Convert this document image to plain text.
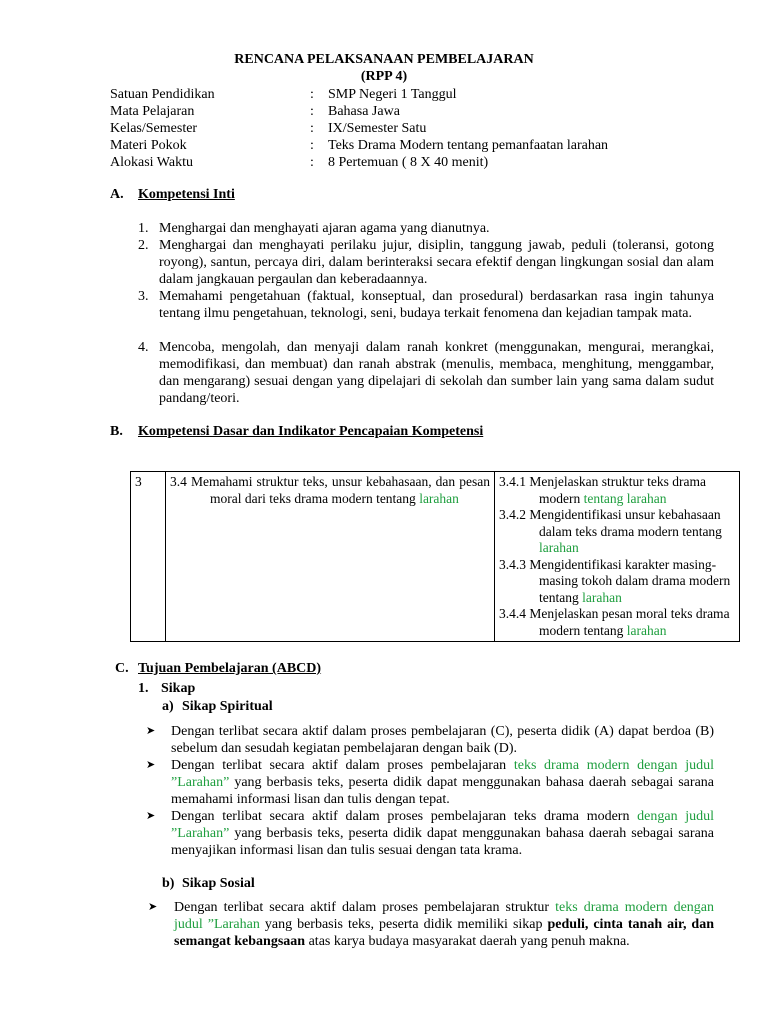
RENCANA PELAKSANAAN PEMBELAJARAN
(RPP 4)
Satuan Pendidikan	: SMP Negeri 1 Tanggul
Mata Pelajaran	: Bahasa Jawa
Kelas/Semester	: IX/Semester Satu
Materi Pokok	: Teks Drama Modern tentang pemanfaatan larahan
Alokasi Waktu	: 8 Pertemuan ( 8 X 40 menit)
A. Kompetensi Inti
1. Menghargai dan menghayati ajaran agama yang dianutnya.
2. Menghargai dan menghayati perilaku jujur, disiplin, tanggung jawab, peduli (toleransi, gotong royong), santun, percaya diri, dalam berinteraksi secara efektif dengan lingkungan sosial dan alam dalam jangkauan pergaulan dan keberadaannya.
3. Memahami pengetahuan (faktual, konseptual, dan prosedural) berdasarkan rasa ingin tahunya tentang ilmu pengetahuan, teknologi, seni, budaya terkait fenomena dan kejadian tampak mata.
4. Mencoba, mengolah, dan menyaji dalam ranah konkret (menggunakan, mengurai, merangkai, memodifikasi, dan membuat) dan ranah abstrak (menulis, membaca, menghitung, menggambar, dan mengarang) sesuai dengan yang dipelajari di sekolah dan sumber lain yang sama dalam sudut pandang/teori.
B. Kompetensi Dasar dan Indikator Pencapaian Kompetensi
3	3.4 Memahami struktur teks, unsur kebahasaan, dan pesan moral dari teks drama modern tentang larahan

3.4.1 Menjelaskan struktur teks drama modern tentang larahan
3.4.2 Mengidentifikasi unsur kebahasaan dalam teks drama modern tentang larahan
3.4.3 Mengidentifikasi karakter masing-masing tokoh dalam drama modern tentang larahan
3.4.4 Menjelaskan pesan moral teks drama modern tentang larahan
C. Tujuan Pembelajaran (ABCD)
1. Sikap
a) Sikap Spiritual
➤ Dengan terlibat secara aktif dalam proses pembelajaran (C), peserta didik (A) dapat berdoa (B) sebelum dan sesudah kegiatan pembelajaran dengan baik (D).
➤ Dengan terlibat secara aktif dalam proses pembelajaran teks drama modern dengan judul ”Larahan” yang berbasis teks, peserta didik dapat menggunakan bahasa daerah sebagai sarana memahami informasi lisan dan tulis dengan tepat.
➤ Dengan terlibat secara aktif dalam proses pembelajaran teks drama modern dengan judul ”Larahan” yang berbasis teks, peserta didik dapat menggunakan bahasa daerah sebagai sarana menyajikan informasi lisan dan tulis sesuai dengan tata krama.
b) Sikap Sosial
➤ Dengan terlibat secara aktif dalam proses pembelajaran struktur teks drama modern dengan judul ”Larahan yang berbasis teks, peserta didik memiliki sikap peduli, cinta tanah air, dan semangat kebangsaan atas karya budaya masyarakat daerah yang penuh makna.
